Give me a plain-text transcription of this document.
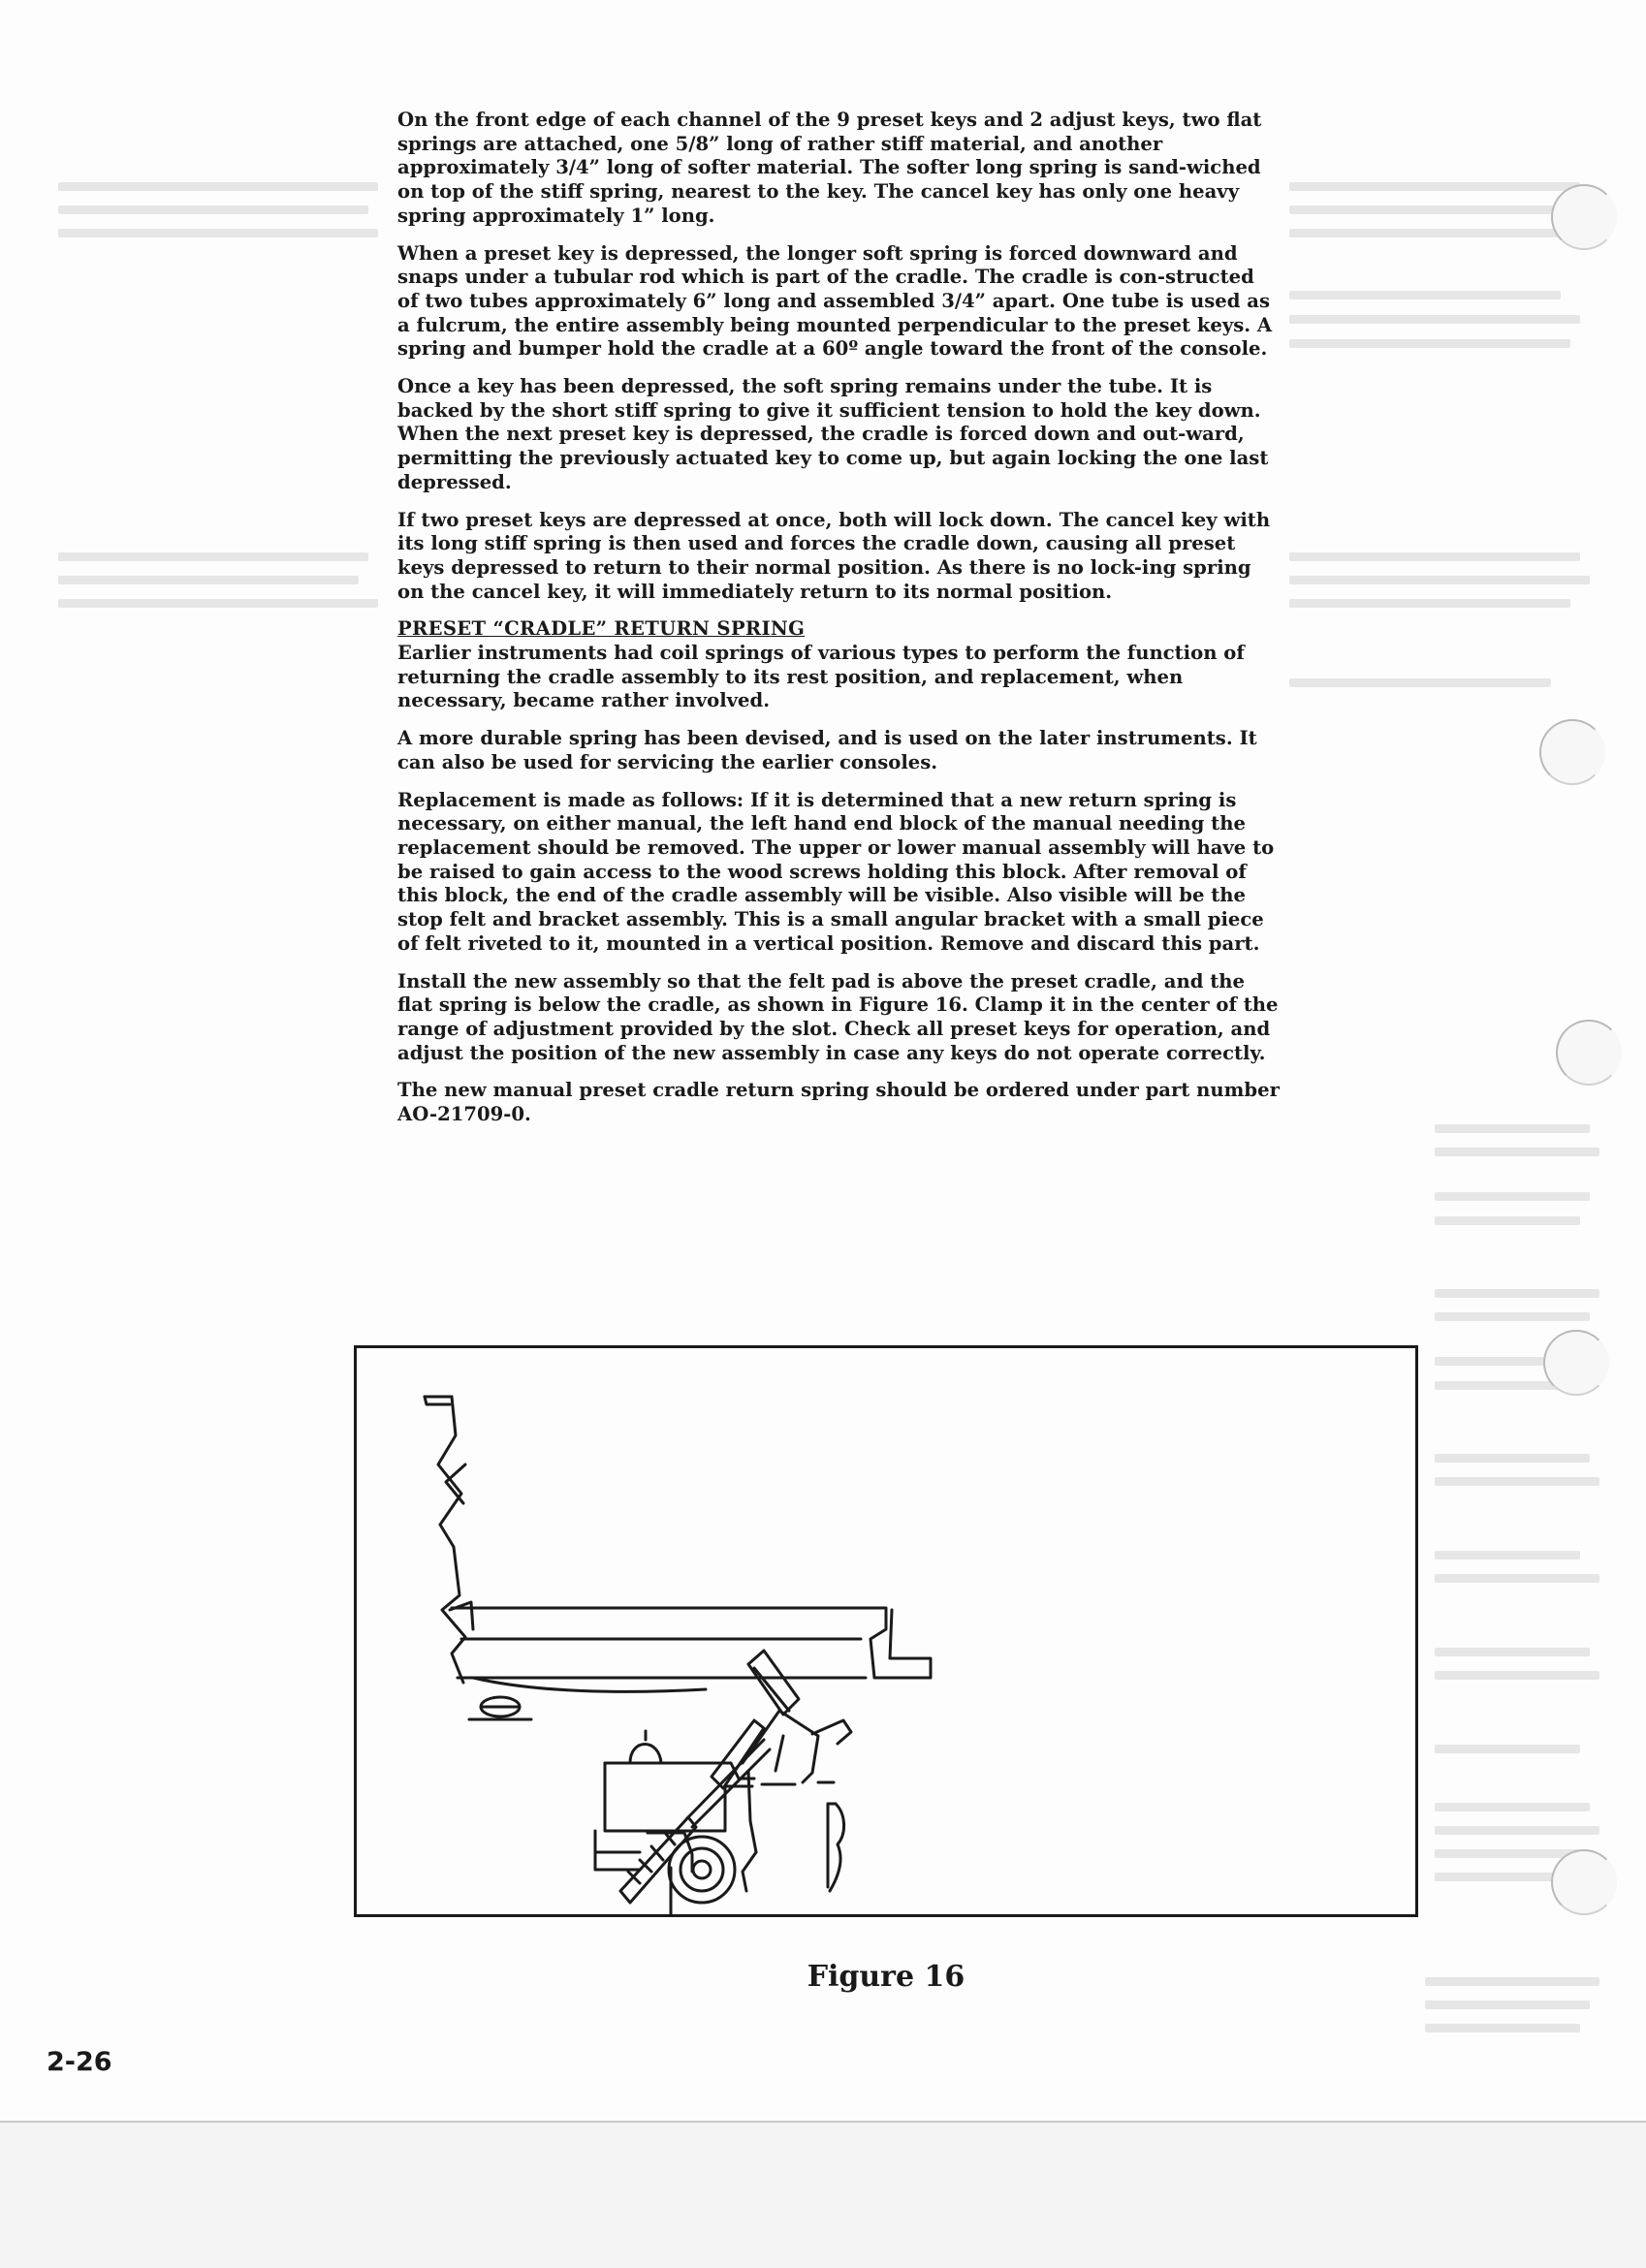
On the front edge of each channel of the 9 preset keys and 2 adjust keys, two flat springs are attached, one 5/8” long of rather stiff material, and another approximately 3/4” long of softer material. The softer long spring is sand-wiched on top of the stiff spring, nearest to the key. The cancel key has only one heavy spring approximately 1” long.

When a preset key is depressed, the longer soft spring is forced downward and snaps under a tubular rod which is part of the cradle. The cradle is con-structed of two tubes approximately 6” long and assembled 3/4” apart. One tube is used as a fulcrum, the entire assembly being mounted perpendicular to the preset keys. A spring and bumper hold the cradle at a 60º angle toward the front of the console.

Once a key has been depressed, the soft spring remains under the tube. It is backed by the short stiff spring to give it sufficient tension to hold the key down. When the next preset key is depressed, the cradle is forced down and out-ward, permitting the previously actuated key to come up, but again locking the one last depressed.

If two preset keys are depressed at once, both will lock down. The cancel key with its long stiff spring is then used and forces the cradle down, causing all preset keys depressed to return to their normal position. As there is no lock-ing spring on the cancel key, it will immediately return to its normal position.

PRESET “CRADLE” RETURN SPRING

Earlier instruments had coil springs of various types to perform the function of returning the cradle assembly to its rest position, and replacement, when necessary, became rather involved.

A more durable spring has been devised, and is used on the later instruments. It can also be used for servicing the earlier consoles.

Replacement is made as follows: If it is determined that a new return spring is necessary, on either manual, the left hand end block of the manual needing the replacement should be removed. The upper or lower manual assembly will have to be raised to gain access to the wood screws holding this block. After removal of this block, the end of the cradle assembly will be visible. Also visible will be the stop felt and bracket assembly. This is a small angular bracket with a small piece of felt riveted to it, mounted in a vertical position. Remove and discard this part.

Install the new assembly so that the felt pad is above the preset cradle, and the flat spring is below the cradle, as shown in Figure 16. Clamp it in the center of the range of adjustment provided by the slot. Check all preset keys for operation, and adjust the position of the new assembly in case any keys do not operate correctly.

The new manual preset cradle return spring should be ordered under part number AO-21709-0.

Figure 16
2-26
